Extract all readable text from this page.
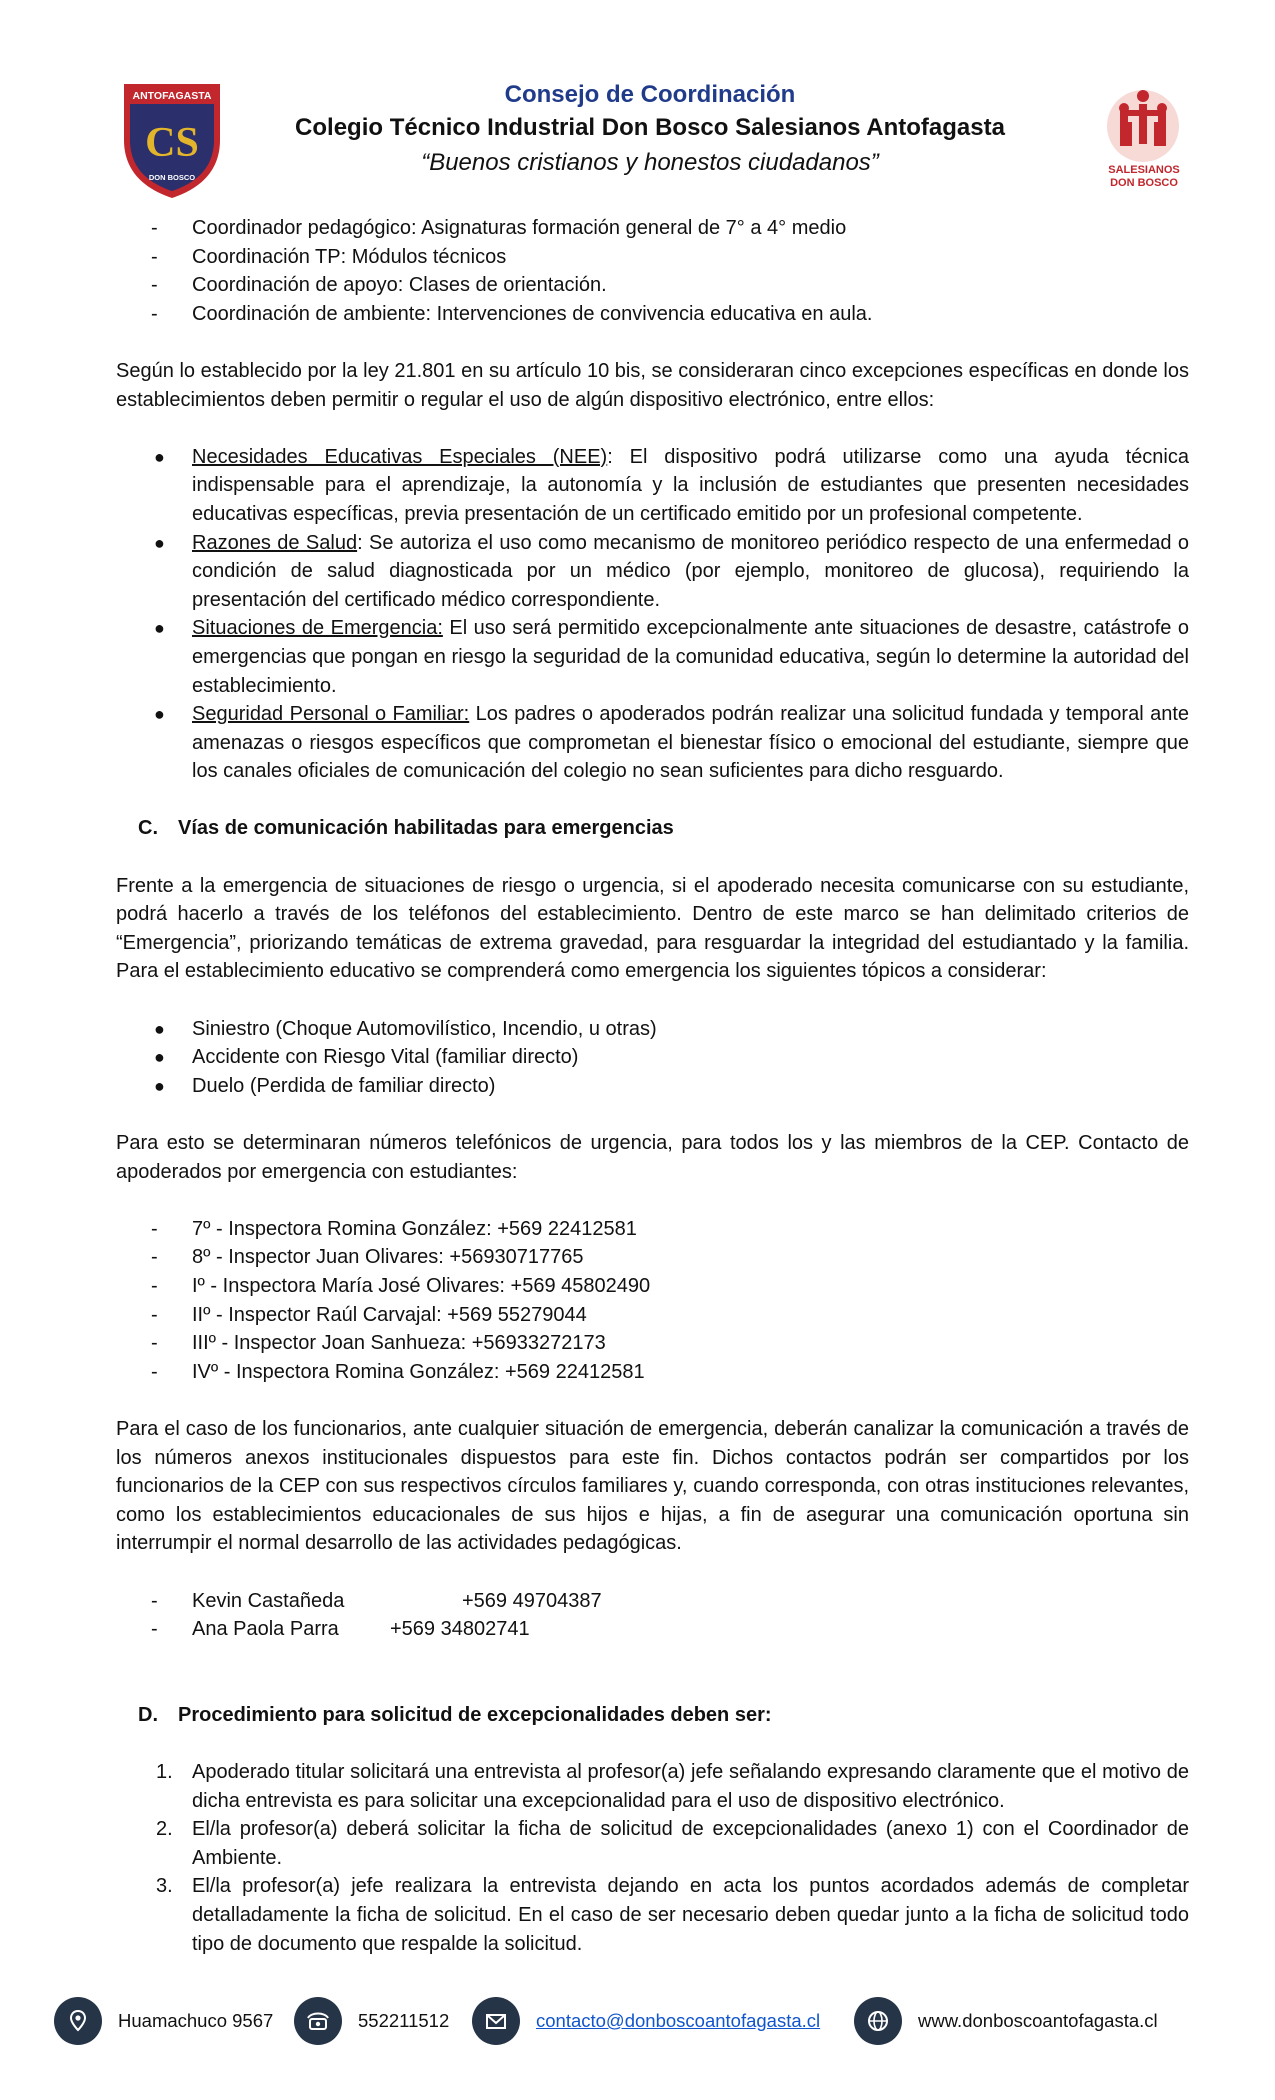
ANTOFAGASTA
CS
DON BOSCO
Consejo de Coordinación
Colegio Técnico Industrial Don Bosco Salesianos Antofagasta
“Buenos cristianos y honestos ciudadanos”	SALESIANOS
DON BOSCO
-	Coordinador pedagógico: Asignaturas formación general de 7° a 4° medio
-	Coordinación TP: Módulos técnicos
-	Coordinación de apoyo: Clases de orientación.
-	Coordinación de ambiente: Intervenciones de convivencia educativa en aula.

Según lo establecido por la ley 21.801 en su artículo 10 bis, se consideraran cinco excepciones específicas en donde los establecimientos deben permitir o regular el uso de algún dispositivo electrónico, entre ellos:

●	Necesidades Educativas Especiales (NEE): El dispositivo podrá utilizarse como una ayuda técnica indispensable para el aprendizaje, la autonomía y la inclusión de estudiantes que presenten necesidades educativas específicas, previa presentación de un certificado emitido por un profesional competente.
●	Razones de Salud: Se autoriza el uso como mecanismo de monitoreo periódico respecto de una enfermedad o condición de salud diagnosticada por un médico (por ejemplo, monitoreo de glucosa), requiriendo la presentación del certificado médico correspondiente.
●	Situaciones de Emergencia: El uso será permitido excepcionalmente ante situaciones de desastre, catástrofe o emergencias que pongan en riesgo la seguridad de la comunidad educativa, según lo determine la autoridad del establecimiento.
●	Seguridad Personal o Familiar: Los padres o apoderados podrán realizar una solicitud fundada y temporal ante amenazas o riesgos específicos que comprometan el bienestar físico o emocional del estudiante, siempre que los canales oficiales de comunicación del colegio no sean suficientes para dicho resguardo.

C. Vías de comunicación habilitadas para emergencias

Frente a la emergencia de situaciones de riesgo o urgencia, si el apoderado necesita comunicarse con su estudiante, podrá hacerlo a través de los teléfonos del establecimiento. Dentro de este marco se han delimitado criterios de “Emergencia”, priorizando temáticas de extrema gravedad, para resguardar la integridad del estudiantado y la familia. Para el establecimiento educativo se comprenderá como emergencia los siguientes tópicos a considerar:

●	Siniestro (Choque Automovilístico, Incendio, u otras)
●	Accidente con Riesgo Vital (familiar directo)
●	Duelo (Perdida de familiar directo)

Para esto se determinaran números telefónicos de urgencia, para todos los y las miembros de la CEP. Contacto de apoderados por emergencia con estudiantes:

-	7º - Inspectora Romina González: +569 22412581
-	8º - Inspector Juan Olivares: +56930717765
-	Iº - Inspectora María José Olivares: +569 45802490
-	IIº - Inspector Raúl Carvajal: +569 55279044
-	IIIº - Inspector Joan Sanhueza: +56933272173
-	IVº - Inspectora Romina González: +569 22412581

Para el caso de los funcionarios, ante cualquier situación de emergencia, deberán canalizar la comunicación a través de los números anexos institucionales dispuestos para este fin. Dichos contactos podrán ser compartidos por los funcionarios de la CEP con sus respectivos círculos familiares y, cuando corresponda, con otras instituciones relevantes, como los establecimientos educacionales de sus hijos e hijas, a fin de asegurar una comunicación oportuna sin interrumpir el normal desarrollo de las actividades pedagógicas.

-	Kevin Castañeda	+569 49704387
-	Ana Paola Parra	+569 34802741

D. Procedimiento para solicitud de excepcionalidades deben ser:

1. Apoderado titular solicitará una entrevista al profesor(a) jefe señalando expresando claramente que el motivo de dicha entrevista es para solicitar una excepcionalidad para el uso de dispositivo electrónico.
2. El/la profesor(a) deberá solicitar la ficha de solicitud de excepcionalidades (anexo 1) con el Coordinador de Ambiente.
3. El/la profesor(a) jefe realizara la entrevista dejando en acta los puntos acordados además de completar detalladamente la ficha de solicitud. En el caso de ser necesario deben quedar junto a la ficha de solicitud todo tipo de documento que respalde la solicitud.
Huamachuco 9567	552211512	contacto@donboscoantofagasta.cl	www.donboscoantofagasta.cl
